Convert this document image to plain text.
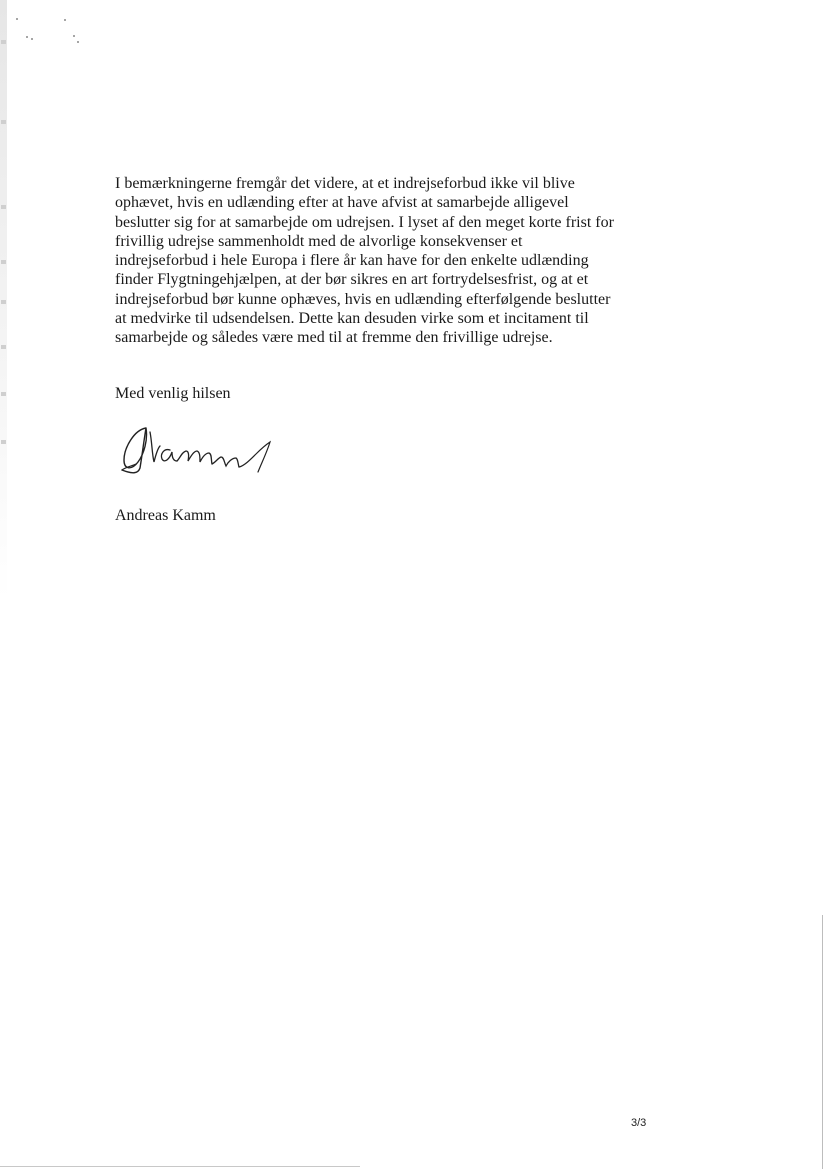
I bemærkningerne fremgår det videre, at et indrejseforbud ikke vil blive
ophævet, hvis en udlænding efter at have afvist at samarbejde alligevel
beslutter sig for at samarbejde om udrejsen. I lyset af den meget korte frist for
frivillig udrejse sammenholdt med de alvorlige konsekvenser et
indrejseforbud i hele Europa i flere år kan have for den enkelte udlænding
finder Flygtningehjælpen, at der bør sikres en art fortrydelsesfrist, og at et
indrejseforbud bør kunne ophæves, hvis en udlænding efterfølgende beslutter
at medvirke til udsendelsen. Dette kan desuden virke som et incitament til
samarbejde og således være med til at fremme den frivillige udrejse.

Med venlig hilsen

Andreas Kamm

3/3
